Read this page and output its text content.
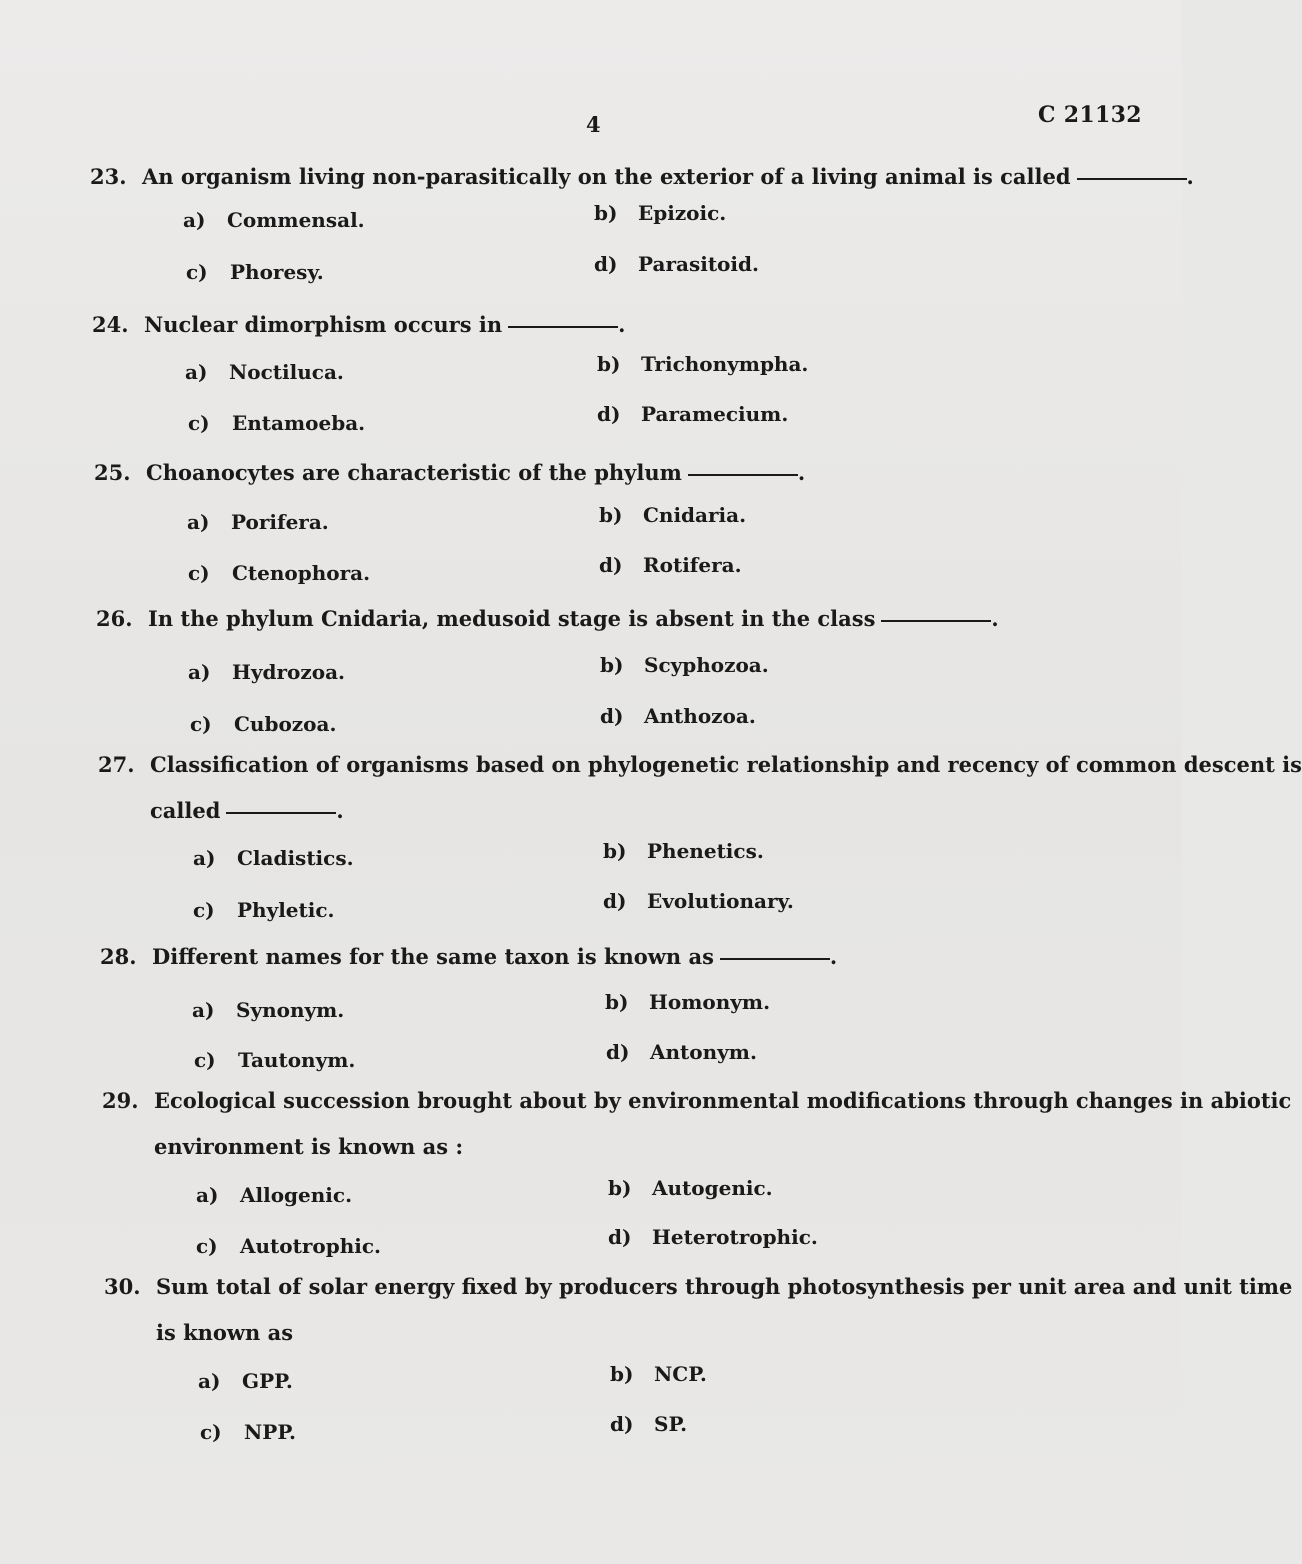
4	C 21132
23. An organism living non-parasitically on the exterior of a living animal is called	.
a) Commensal.	b) Epizoic.
c) Phoresy.	d) Parasitoid.
24. Nuclear dimorphism occurs in	.
a) Noctiluca.	b) Trichonympha.
c) Entamoeba.	d) Paramecium.
25. Choanocytes are characteristic of the phylum	.
a) Porifera.	b) Cnidaria.
c) Ctenophora.	d) Rotifera.
26. In the phylum Cnidaria, medusoid stage is absent in the class	.
a) Hydrozoa.	b) Scyphozoa.
c) Cubozoa.	d) Anthozoa.
27. Classification of organisms based on phylogenetic relationship and recency of common descent is
called	.
a) Cladistics.	b) Phenetics.
c) Phyletic.	d) Evolutionary.
28. Different names for the same taxon is known as	.
a) Synonym.	b) Homonym.
c) Tautonym.	d) Antonym.
29. Ecological succession brought about by environmental modifications through changes in abiotic
environment is known as :
a) Allogenic.	b) Autogenic.
c) Autotrophic.	d) Heterotrophic.
30. Sum total of solar energy fixed by producers through photosynthesis per unit area and unit time
is known as
a) GPP.	b) NCP.
c) NPP.	d) SP.
